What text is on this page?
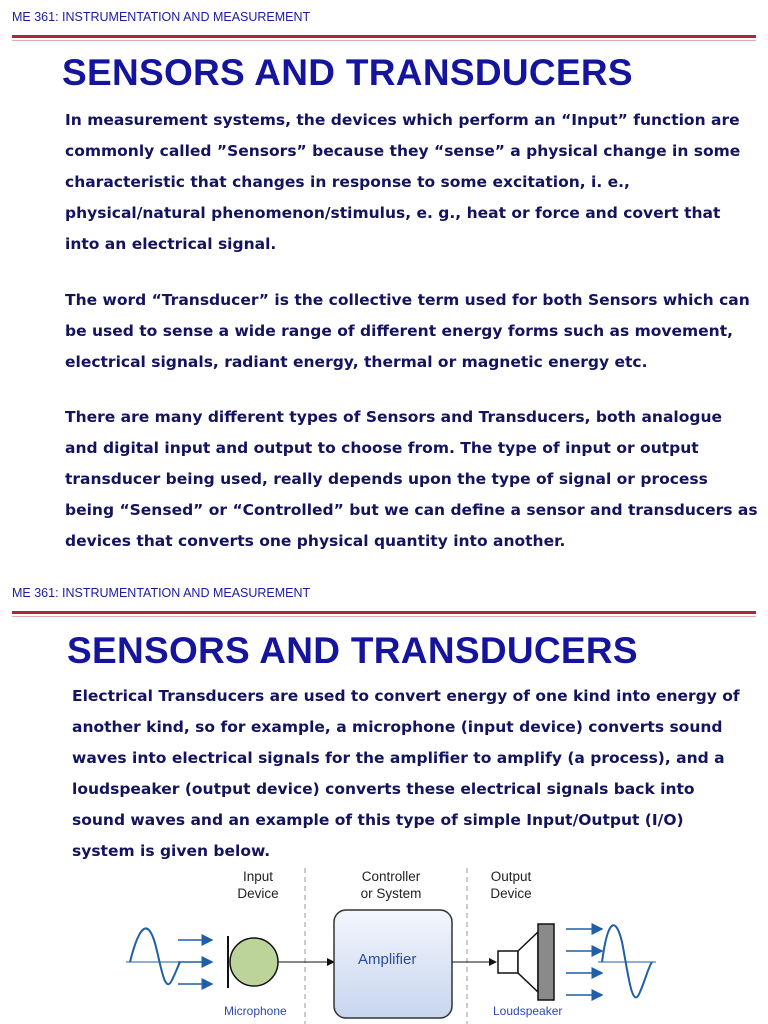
ME 361: INSTRUMENTATION AND MEASUREMENT
SENSORS AND TRANSDUCERS
In measurement systems, the devices which perform an “Input” function are
commonly called ”Sensors” because they “sense” a physical change in some
characteristic that changes in response to some excitation, i. e.,
physical/natural phenomenon/stimulus, e. g., heat or force and covert that
into an electrical signal.
The word “Transducer” is the collective term used for both Sensors which can
be used to sense a wide range of different energy forms such as movement,
electrical signals, radiant energy, thermal or magnetic energy etc.
There are many different types of Sensors and Transducers, both analogue
and digital input and output to choose from. The type of input or output
transducer being used, really depends upon the type of signal or process
being “Sensed” or “Controlled” but we can define a sensor and transducers as
devices that converts one physical quantity into another.
ME 361: INSTRUMENTATION AND MEASUREMENT
SENSORS AND TRANSDUCERS
Electrical Transducers are used to convert energy of one kind into energy of
another kind, so for example, a microphone (input device) converts sound
waves into electrical signals for the amplifier to amplify (a process), and a
loudspeaker (output device) converts these electrical signals back into
sound waves and an example of this type of simple Input/Output (I/O)
system is given below.
Input
Device
Controller
or System
Output
Device
Amplifier
Microphone	Loudspeaker
